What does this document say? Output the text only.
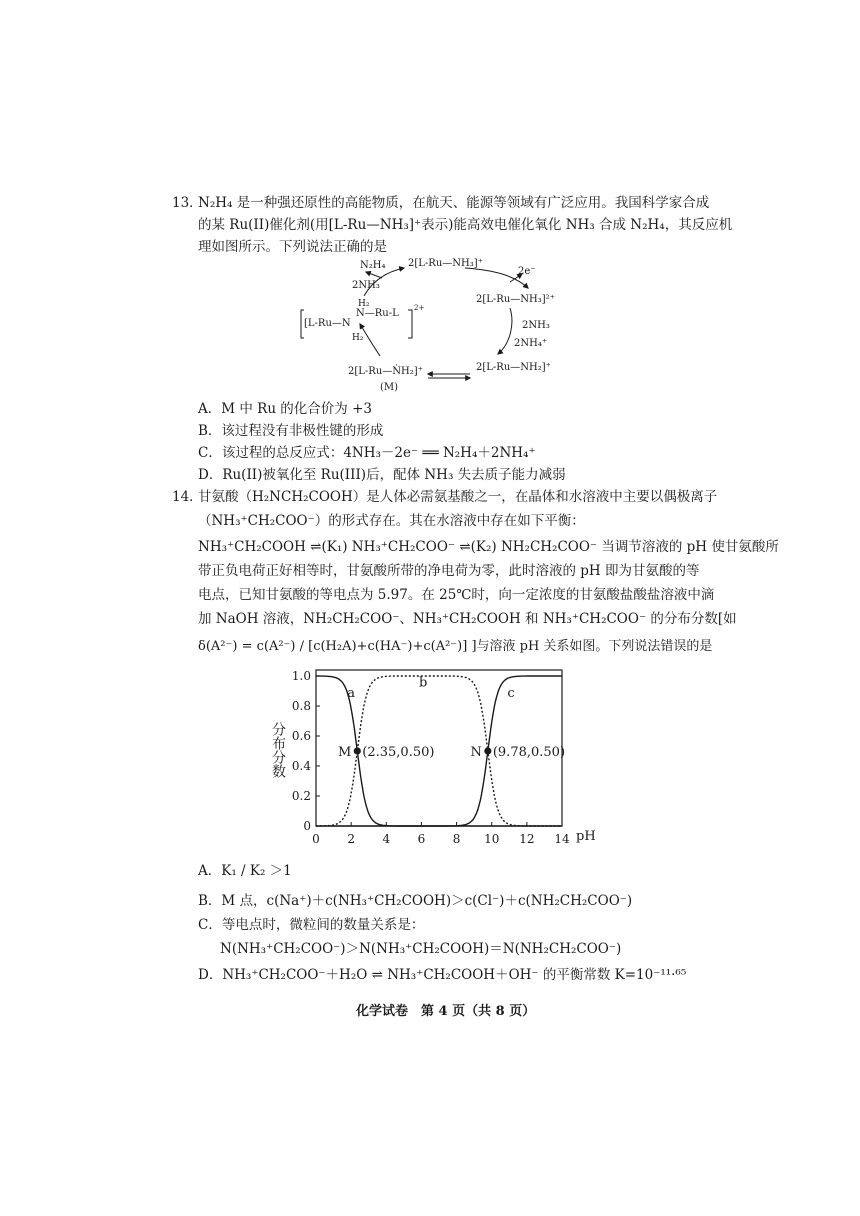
13．
N₂H₄ 是一种强还原性的高能物质，在航天、能源等领域有广泛应用。我国科学家合成
的某 Ru(II)催化剂(用[L-Ru—NH₃]⁺表示)能高效电催化氧化 NH₃ 合成 N₂H₄，其反应机
理如图所示。下列说法正确的是
2[L-Ru—NH₃]⁺
2e⁻
2[L-Ru—NH₃]²⁺
2NH₃
2NH₄⁺
2[L-Ru—NH₂]⁺
2[L-Ru—ṄH₂]⁺
(M)
N₂H₄
2NH₃
H₂
[L-Ru—N
N—Ru-L
H₂
2+
A．M 中 Ru 的化合价为 +3
B．该过程没有非极性键的形成
C．该过程的总反应式：4NH₃－2e⁻ ══ N₂H₄＋2NH₄⁺
D．Ru(II)被氧化至 Ru(III)后，配体 NH₃ 失去质子能力减弱
14．
甘氨酸（H₂NCH₂COOH）是人体必需氨基酸之一，在晶体和水溶液中主要以偶极离子
（NH₃⁺CH₂COO⁻）的形式存在。其在水溶液中存在如下平衡：
NH₃⁺CH₂COOH ⇌(K₁) NH₃⁺CH₂COO⁻ ⇌(K₂) NH₂CH₂COO⁻ 当调节溶液的 pH 使甘氨酸所
带正负电荷正好相等时，甘氨酸所带的净电荷为零，此时溶液的 pH 即为甘氨酸的等
电点，已知甘氨酸的等电点为 5.97。在 25℃时，向一定浓度的甘氨酸盐酸盐溶液中滴
加 NaOH 溶液，NH₂CH₂COO⁻、NH₃⁺CH₂COOH 和 NH₃⁺CH₂COO⁻ 的分布分数[如
δ(A²⁻) = c(A²⁻) / [c(H₂A)+c(HA⁻)+c(A²⁻)] ]与溶液 pH 关系如图。下列说法错误的是
0 2 4 6 8 10 12 14
0
0.2
0.4
0.6
0.8
1.0
a
b
c
M (2.35,0.50)	N (9.78,0.50)
分布分数
pH
A．K₁ / K₂ ＞1
B．M 点，c(Na⁺)＋c(NH₃⁺CH₂COOH)＞c(Cl⁻)＋c(NH₂CH₂COO⁻)
C．等电点时，微粒间的数量关系是：
N(NH₃⁺CH₂COO⁻)＞N(NH₃⁺CH₂COOH)＝N(NH₂CH₂COO⁻)
D．NH₃⁺CH₂COO⁻＋H₂O ⇌ NH₃⁺CH₂COOH＋OH⁻ 的平衡常数 K=10⁻¹¹·⁶⁵
化学试卷　第 4 页（共 8 页）
